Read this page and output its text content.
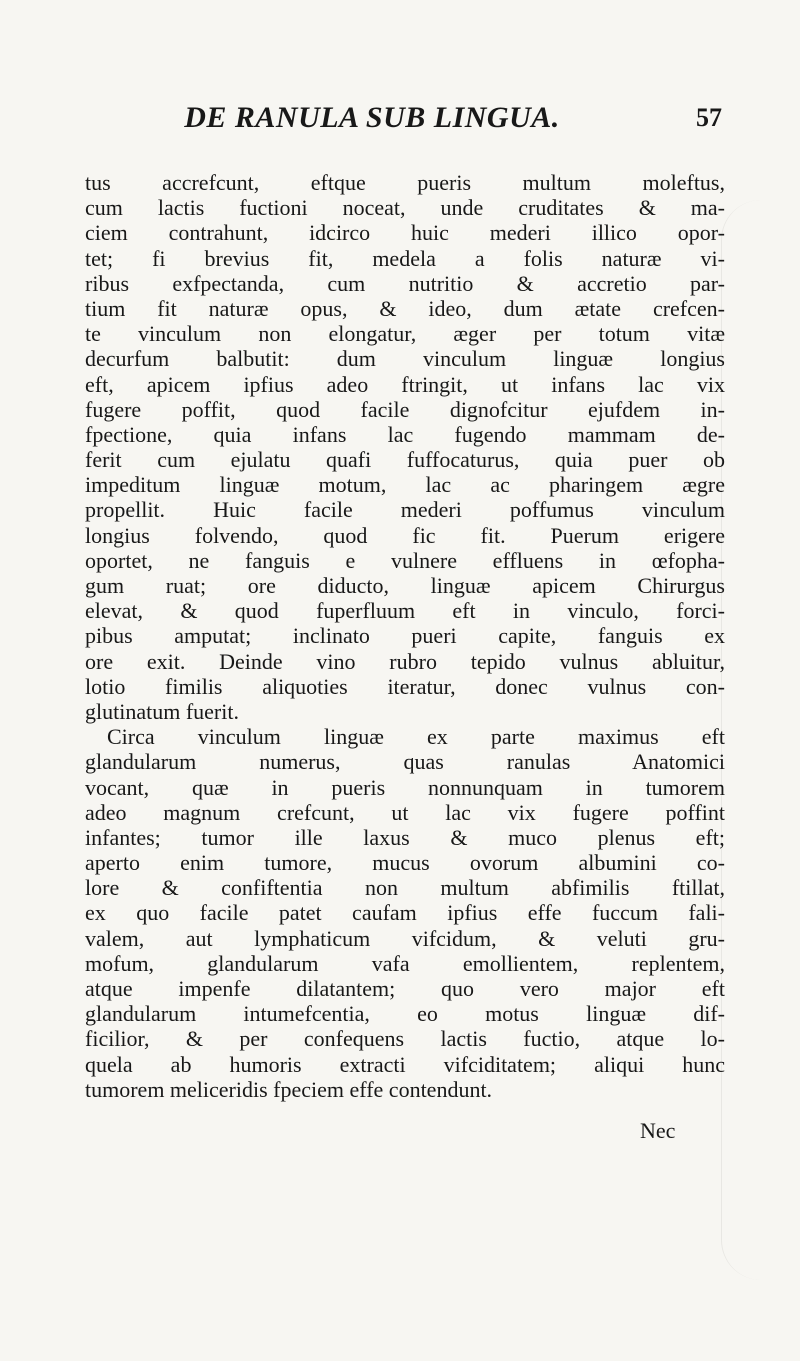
DE RANULA SUB LINGUA.	57
tus accrefcunt, eftque pueris multum moleftus,
cum lactis fuctioni noceat, unde cruditates & ma-
ciem contrahunt, idcirco huic mederi illico opor-
tet; fi brevius fit, medela a folis naturæ vi-
ribus exfpectanda, cum nutritio & accretio par-
tium fit naturæ opus, & ideo, dum ætate crefcen-
te vinculum non elongatur, æger per totum vitæ
decurfum balbutit: dum vinculum linguæ longius
eft, apicem ipfius adeo ftringit, ut infans lac vix
fugere poffit, quod facile dignofcitur ejufdem in-
fpectione, quia infans lac fugendo mammam de-
ferit cum ejulatu quafi fuffocaturus, quia puer ob
impeditum linguæ motum, lac ac pharingem ægre
propellit. Huic facile mederi poffumus vinculum
longius folvendo, quod fic fit. Puerum erigere
oportet, ne fanguis e vulnere effluens in œfopha-
gum ruat; ore diducto, linguæ apicem Chirurgus
elevat, & quod fuperfluum eft in vinculo, forci-
pibus amputat; inclinato pueri capite, fanguis ex
ore exit. Deinde vino rubro tepido vulnus abluitur,
lotio fimilis aliquoties iteratur, donec vulnus con-
glutinatum fuerit.
Circa vinculum linguæ ex parte maximus eft
glandularum numerus, quas ranulas Anatomici
vocant, quæ in pueris nonnunquam in tumorem
adeo magnum crefcunt, ut lac vix fugere poffint
infantes; tumor ille laxus & muco plenus eft;
aperto enim tumore, mucus ovorum albumini co-
lore & confiftentia non multum abfimilis ftillat,
ex quo facile patet caufam ipfius effe fuccum fali-
valem, aut lymphaticum vifcidum, & veluti gru-
mofum, glandularum vafa emollientem, replentem,
atque impenfe dilatantem; quo vero major eft
glandularum intumefcentia, eo motus linguæ dif-
ficilior, & per confequens lactis fuctio, atque lo-
quela ab humoris extracti vifciditatem; aliqui hunc
tumorem meliceridis fpeciem effe contendunt.
Nec
